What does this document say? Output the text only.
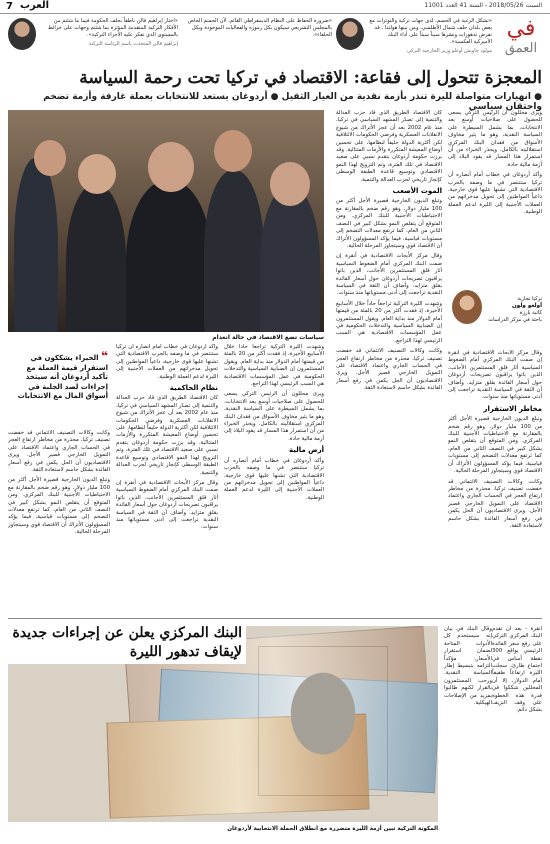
7 العرب	السبت 2018/05/26 - السنة 41 العدد 11001
في
العمق
«تشكل الرغبة في الحسم، لدى جهات تركية والتوترات مع بعض بلدان حلف شمال الأطلسي، ومن بينها هولندا ، قد تفرض تدهورات ونشرها سبباً سيئاً على أداء البنك الأميركية العكسية».
مولود جاويش أوغلو وزير الخارجية التركي
«ضرورة الحفاظ على النظام الديمقراطي القائم، لأن الحسم الخاص بالمجلس التشريعي سيكون بكل رموزه والفعاليات الموجودة وبكل الحلفاء».
«اختار إبراهيم قالن ناطقاً بحلف الحكومة فيما ما شئتم من الأفكار التركية المتقدمة المؤثرة بما شئتم وجهات على خرائط بالمستوى الذي تفكر عليه الأجزاء التركية».
إبراهيم قالن المتحدث باسم الرئاسة التركية
المعجزة تتحول إلى فقاعة: الاقتصاد في تركيا تحت رحمة السياسة
● انهيارات متواصلة لليرة تنذر بأزمة نقدية من العيار الثقيل ● أردوغان يستعد للانتخابات بعملة غارقة وأزمة تضخم واحتقان سياسي
سياسات تضع الاقتصاد في حالة انعدام

ويرى محللون أن الرئيس التركي يسعى للحصول على صلاحيات أوسع بعد الانتخابات، بما يشمل السيطرة على السياسة النقدية، وهو ما يثير مخاوف الأسواق من فقدان البنك المركزي استقلاليته بالكامل. ويحذر الخبراء من أن استمرار هذا المسار قد يقود البلاد إلى أزمة مالية حادة.

وأكد أردوغان في خطاب أمام أنصاره أن تركيا ستنتصر في ما وصفه بالحرب الاقتصادية التي تشنها عليها قوى خارجية، داعياً المواطنين إلى تحويل مدخراتهم من العملات الأجنبية إلى الليرة لدعم العملة الوطنية.

تركيا تجارية
أولغو ولون
كاتبة بارزة
باحثة في مركز الدراسات

كان الاقتصاد الطريق الذي قاد حزب العدالة والتنمية إلى تصدّر المشهد السياسي في تركيا، منذ عام 2002 بعد أن عجز الأتراك من شيوع الانقلابات العسكرية وفرضي الحكومات الائتلافية لكن أكثرية الدولة حليفاً لنظامها، على تحسين أوضاع المعيشة المتكررة والأزمات المتتالية. وقد برزت حكومة أردوغان بتقدم نسبي على صعيد الاقتصاد في تلك الفترة، وتم الترويج لهذا النمو الاقتصادي وتوسيع قاعدة الطبقة الوسطى كإنجاز تاريخي لحزب العدالة والتنمية.

الموت الأصعب

وتبلغ الديون الخارجية قصيرة الأجل أكثر من 100 مليار دولار، وهو رقم ضخم بالمقارنة مع الاحتياطيات الأجنبية للبنك المركزي. ومن المتوقع أن يتقلص النمو بشكل كبير في النصف الثاني من العام، كما ترتفع معدلات التضخم إلى مستويات قياسية، فيما يؤكد المسؤولون الأتراك أن الاقتصاد قوي وسيتجاوز المرحلة الحالية.

وقال مركز الأبحاث الاقتصادية في أنقرة إن صمت البنك المركزي أمام الضغوط السياسية أثار قلق المستثمرين الأجانب، الذين باتوا يراقبون تصريحات أردوغان حول أسعار الفائدة بقلق متزايد. وأضاف أن الثقة في السياسة النقدية تراجعت إلى أدنى مستوياتها منذ سنوات.

وشهدت الليرة التركية تراجعاً حاداً خلال الأسابيع الأخيرة، إذ فقدت أكثر من 20 بالمئة من قيمتها أمام الدولار منذ بداية العام. ويقول المستثمرون إن الضبابية السياسية والتدخلات الحكومية في عمل المؤسسات الاقتصادية هي السبب الرئيسي لهذا التراجع.

وكانت وكالات التصنيف الائتماني قد خفضت تصنيف تركيا، محذرة من مخاطر ارتفاع العجز في الحساب الجاري واعتماد الاقتصاد على التمويل الخارجي قصير الأجل. ويرى الاقتصاديون أن الحل يكمن في رفع أسعار الفائدة بشكل حاسم لاستعادة الثقة.

وقال مركز الأبحاث الاقتصادية في أنقرة إن صمت البنك المركزي أمام الضغوط السياسية أثار قلق المستثمرين الأجانب، الذين باتوا يراقبون تصريحات أردوغان حول أسعار الفائدة بقلق متزايد. وأضاف أن الثقة في السياسة النقدية تراجعت إلى أدنى مستوياتها منذ سنوات.

مخاطر الاستقرار

وتبلغ الديون الخارجية قصيرة الأجل أكثر من 100 مليار دولار، وهو رقم ضخم بالمقارنة مع الاحتياطيات الأجنبية للبنك المركزي. ومن المتوقع أن يتقلص النمو بشكل كبير في النصف الثاني من العام، كما ترتفع معدلات التضخم إلى مستويات قياسية، فيما يؤكد المسؤولون الأتراك أن الاقتصاد قوي وسيتجاوز المرحلة الحالية.

وكانت وكالات التصنيف الائتماني قد خفضت تصنيف تركيا، محذرة من مخاطر ارتفاع العجز في الحساب الجاري واعتماد الاقتصاد على التمويل الخارجي قصير الأجل. ويرى الاقتصاديون أن الحل يكمن في رفع أسعار الفائدة بشكل حاسم لاستعادة الثقة.

وشهدت الليرة التركية تراجعاً حاداً خلال الأسابيع الأخيرة، إذ فقدت أكثر من 20 بالمئة من قيمتها أمام الدولار منذ بداية العام. ويقول المستثمرون إن الضبابية السياسية والتدخلات الحكومية في عمل المؤسسات الاقتصادية هي السبب الرئيسي لهذا التراجع.

ويرى محللون أن الرئيس التركي يسعى للحصول على صلاحيات أوسع بعد الانتخابات، بما يشمل السيطرة على السياسة النقدية، وهو ما يثير مخاوف الأسواق من فقدان البنك المركزي استقلاليته بالكامل. ويحذر الخبراء من أن استمرار هذا المسار قد يقود البلاد إلى أزمة مالية حادة.

أرض مالية

وأكد أردوغان في خطاب أمام أنصاره أن تركيا ستنتصر في ما وصفه بالحرب الاقتصادية التي تشنها عليها قوى خارجية، داعياً المواطنين إلى تحويل مدخراتهم من العملات الأجنبية إلى الليرة لدعم العملة الوطنية.

وأكد أردوغان في خطاب أمام أنصاره أن تركيا ستنتصر في ما وصفه بالحرب الاقتصادية التي تشنها عليها قوى خارجية، داعياً المواطنين إلى تحويل مدخراتهم من العملات الأجنبية إلى الليرة لدعم العملة الوطنية.

نظام الحاكمية

كان الاقتصاد الطريق الذي قاد حزب العدالة والتنمية إلى تصدّر المشهد السياسي في تركيا، منذ عام 2002 بعد أن عجز الأتراك من شيوع الانقلابات العسكرية وفرضي الحكومات الائتلافية لكن أكثرية الدولة حليفاً لنظامها، على تحسين أوضاع المعيشة المتكررة والأزمات المتتالية. وقد برزت حكومة أردوغان بتقدم نسبي على صعيد الاقتصاد في تلك الفترة، وتم الترويج لهذا النمو الاقتصادي وتوسيع قاعدة الطبقة الوسطى كإنجاز تاريخي لحزب العدالة والتنمية.

وقال مركز الأبحاث الاقتصادية في أنقرة إن صمت البنك المركزي أمام الضغوط السياسية أثار قلق المستثمرين الأجانب، الذين باتوا يراقبون تصريحات أردوغان حول أسعار الفائدة بقلق متزايد. وأضاف أن الثقة في السياسة النقدية تراجعت إلى أدنى مستوياتها منذ سنوات.

❝ الخبراء يشككون في استقرار قيمة العملة مع تأكيد أردوغان أنه سيتخذ إجراءات لصد الجلبة في أسواق المال مع الانتخابات

وكانت وكالات التصنيف الائتماني قد خفضت تصنيف تركيا، محذرة من مخاطر ارتفاع العجز في الحساب الجاري واعتماد الاقتصاد على التمويل الخارجي قصير الأجل. ويرى الاقتصاديون أن الحل يكمن في رفع أسعار الفائدة بشكل حاسم لاستعادة الثقة.

وتبلغ الديون الخارجية قصيرة الأجل أكثر من 100 مليار دولار، وهو رقم ضخم بالمقارنة مع الاحتياطيات الأجنبية للبنك المركزي. ومن المتوقع أن يتقلص النمو بشكل كبير في النصف الثاني من العام، كما ترتفع معدلات التضخم إلى مستويات قياسية، فيما يؤكد المسؤولون الأتراك أن الاقتصاد قوي وسيتجاوز المرحلة الحالية.

البنك المركزي يعلن عن إجراءات جديدة لإيقاف تدهور الليرة
المكونة التركية تبين أزمة الليرة متضررة مع انطلاق الحملة الانتخابية لأردوغان

أنقرة - بعد أن تقدم البنك المركزي التركي على رفع سعر الفائدة الرئيسي بواقع 300 نقطة أساس في اجتماع طارئ، سجلت الليرة ارتفاعاً طفيفاً أمام الدولار، إلا أن المحللين شككوا في قدرة هذه الخطوة على وقف النزيف بشكل دائم.

وقال البنك في بيان إنه سيستخدم كل الأدوات المتاحة لضمان استقرار الأسعار، مؤكداً التزامه بتبسيط إطار السياسة النقدية. ورحب المستثمرون بالقرار لكنهم طالبوا بمزيد من الإصلاحات الهيكلية.
